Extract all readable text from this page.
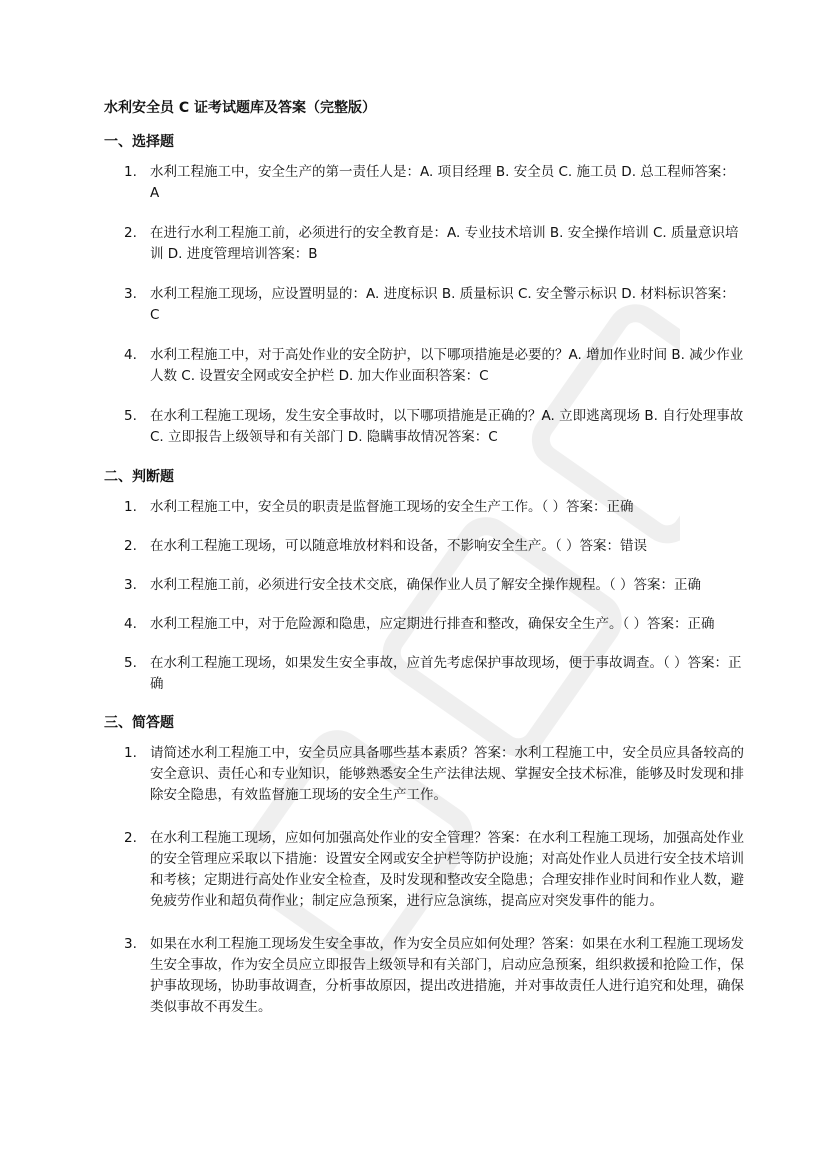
水利安全员 C 证考试题库及答案（完整版）
一、选择题
1. 水利工程施工中，安全生产的第一责任人是：A. 项目经理 B. 安全员 C. 施工员 D. 总工程师答案：A
2. 在进行水利工程施工前，必须进行的安全教育是：A. 专业技术培训 B. 安全操作培训 C. 质量意识培训 D. 进度管理培训答案：B
3. 水利工程施工现场，应设置明显的：A. 进度标识 B. 质量标识 C. 安全警示标识 D. 材料标识答案：C
4. 水利工程施工中，对于高处作业的安全防护，以下哪项措施是必要的？A. 增加作业时间 B. 减少作业人数 C. 设置安全网或安全护栏 D. 加大作业面积答案：C
5. 在水利工程施工现场，发生安全事故时，以下哪项措施是正确的？A. 立即逃离现场 B. 自行处理事故 C. 立即报告上级领导和有关部门 D. 隐瞒事故情况答案：C
二、判断题
1. 水利工程施工中，安全员的职责是监督施工现场的安全生产工作。（ ）答案：正确
2. 在水利工程施工现场，可以随意堆放材料和设备，不影响安全生产。（ ）答案：错误
3. 水利工程施工前，必须进行安全技术交底，确保作业人员了解安全操作规程。（ ）答案：正确
4. 水利工程施工中，对于危险源和隐患，应定期进行排查和整改，确保安全生产。（ ）答案：正确
5. 在水利工程施工现场，如果发生安全事故，应首先考虑保护事故现场，便于事故调查。（ ）答案：正确
三、简答题
1. 请简述水利工程施工中，安全员应具备哪些基本素质？答案：水利工程施工中，安全员应具备较高的安全意识、责任心和专业知识，能够熟悉安全生产法律法规、掌握安全技术标准，能够及时发现和排除安全隐患，有效监督施工现场的安全生产工作。
2. 在水利工程施工现场，应如何加强高处作业的安全管理？答案：在水利工程施工现场，加强高处作业的安全管理应采取以下措施：设置安全网或安全护栏等防护设施；对高处作业人员进行安全技术培训和考核；定期进行高处作业安全检查，及时发现和整改安全隐患；合理安排作业时间和作业人数，避免疲劳作业和超负荷作业；制定应急预案，进行应急演练，提高应对突发事件的能力。
3. 如果在水利工程施工现场发生安全事故，作为安全员应如何处理？答案：如果在水利工程施工现场发生安全事故，作为安全员应立即报告上级领导和有关部门，启动应急预案，组织救援和抢险工作，保护事故现场，协助事故调查，分析事故原因，提出改进措施，并对事故责任人进行追究和处理，确保类似事故不再发生。
